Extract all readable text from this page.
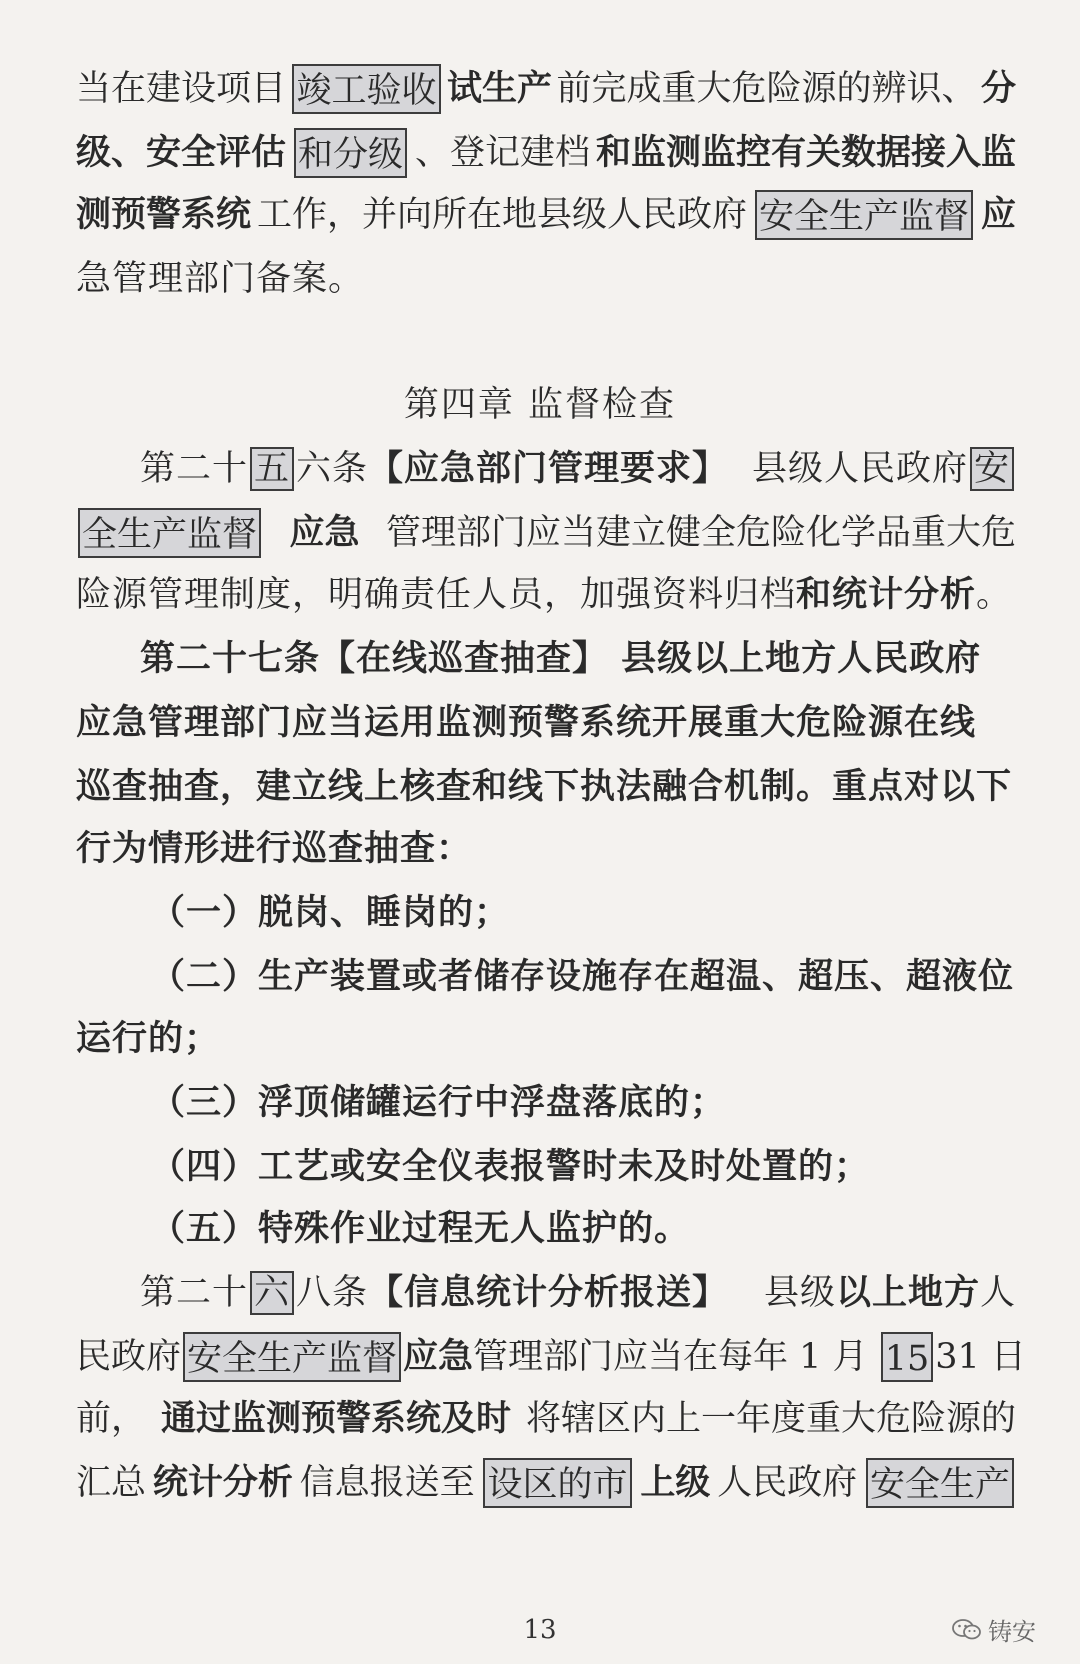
当在建设项目 竣工验收 试生产 前完成重大危险源的辨识、 分
级、安全评估 和分级 、登记建档 和监测监控有关数据接入监
测预警系统 工作，并向所在地县级人民政府 安全生产监督 应
急管理部门备案。
第四章 监督检查
第二十 五 六条【应急部门管理要求】 县级人民政府 安
全生产监督 应急 管理部门应当建立健全危险化学品重大危
险源管理制度，明确责任人员，加强资料归档和统计分析。
第二十七条【在线巡查抽查】 县级以上地方人民政府
应急管理部门应当运用监测预警系统开展重大危险源在线
巡查抽查，建立线上核查和线下执法融合机制。重点对以下
行为情形进行巡查抽查：
（一）脱岗、睡岗的；
（二）生产装置或者储存设施存在超温、超压、超液位
运行的；
（三）浮顶储罐运行中浮盘落底的；
（四）工艺或安全仪表报警时未及时处置的；
（五）特殊作业过程无人监护的。
第二十 六 八条【信息统计分析报送】 县级以上地方人
民政府 安全生产监督 应急 管理部门应当在每年 1 月 15 31 日
前， 通过监测预警系统及时 将辖区内上一年度重大危险源的
汇总 统计分析 信息报送至 设区的市 上级 人民政府 安全生产
13	铸安
